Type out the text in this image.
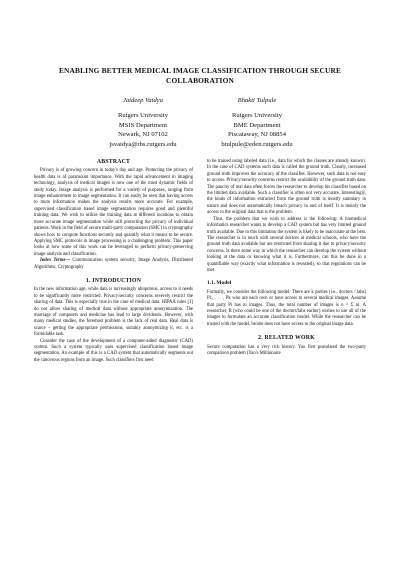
ENABLING BETTER MEDICAL IMAGE CLASSIFICATION THROUGH SECURE COLLABORATION
Jaideep Vaidya
Rutgers University
MSIS Department
Newark, NJ 07102
jsvaidya@rbs.rutgers.edu
Bhakti Tulpule
Rutgers University
BME Department
Piscataway, NJ 08854
btulpule@eden.rutgers.edu
ABSTRACT

Privacy is of growing concern in today's day and age. Protecting the privacy of health data is of paramount importance. With the rapid advancement in imaging technology, analysis of medical images is now one of the most dynamic fields of study today. Image analysis is performed for a variety of purposes, ranging from image enhancement to image segmentation. It can easily be seen that having access to more information makes the analysis results more accurate. For example, supervised classification based image segmentation requires good and plentiful training data. We wish to utilize the training data at different locations to obtain more accurate image segmentation while still protecting the privacy of individual patients. Work in the field of secure multi-party computation (SMC) in cryptography shows how to compute functions securely and quantify what it means to be secure. Applying SMC protocols in image processing is a challenging problem. This paper looks at how some of this work can be leveraged to perform privacy-preserving image analysis and classification.

Index Terms— Communication system security, Image Analysis, Distributed Algorithms, Cryptography

1. INTRODUCTION

In the new information age, while data is increasingly ubiquitous, access to it needs to be significantly more restricted. Privacy/security concerns severely restrict the sharing of data. This is especially true in the case of medical data. HIPAA rules [1] do not allow sharing of medical data without appropriate anonymization. The marriage of computers and medicine has lead to large dividends. However, with many medical studies, the foremost problem is the lack of real data. Real data is scarce – getting the appropriate permissions, suitably anonymizing it, etc. is a formidable task.

Consider the case of the development of a computer-aided diagnostic (CAD) system. Such a system typically uses supervised classification based image segmentation. An example of this is a CAD system that automatically segments out the cancerous regions from an image. Such classifiers first need

to be trained using labeled data (i.e., data for which the classes are already known). In the case of CAD systems such data is called the ground truth. Clearly, increased ground truth improves the accuracy of the classifier. However, such data is not easy to access. Privacy/security concerns restrict the availability of the ground truth data. The paucity of real data often forces the researcher to develop his classifier based on the limited data available. Such a classifier is often not very accurate. Interestingly, the kinds of information extracted from the ground truth is mostly summary in nature and does not automatically breach privacy in and of itself. It is mainly the access to the original data that is the problem.

Thus, the problem that we wish to address is the following: A biomedical informatics researcher wants to develop a CAD system but has very limited ground truth available. Due to this limitation the system is likely to be inaccurate at the best. The researcher is in touch with several doctors at medical schools, who have the ground truth data available but are restricted from sharing it due to privacy/security concerns. Is there some way in which the researcher can develop the system without looking at the data or knowing what it is. Furthermore, can this be done in a quantifiable way (exactly what information is revealed), so that regulations can be met.

1.1. Model

Formally, we consider the following model: There are k parties (i.e., doctors / labs) P1, . . . , Pk who are each own or have access to several medical images. Assume that party Pi has ni images. Thus, the total number of images is n = Σ ni. A researcher, R (who could be one of the doctors/labs earlier) wishes to use all of the images to formulate an accurate classification model. While the researcher can be trusted with the model, he/she does not have access to the original image data.

2. RELATED WORK

Secure computation has a very rich history. Yao first postulated the two-party comparison problem (Yao's Millionaire
